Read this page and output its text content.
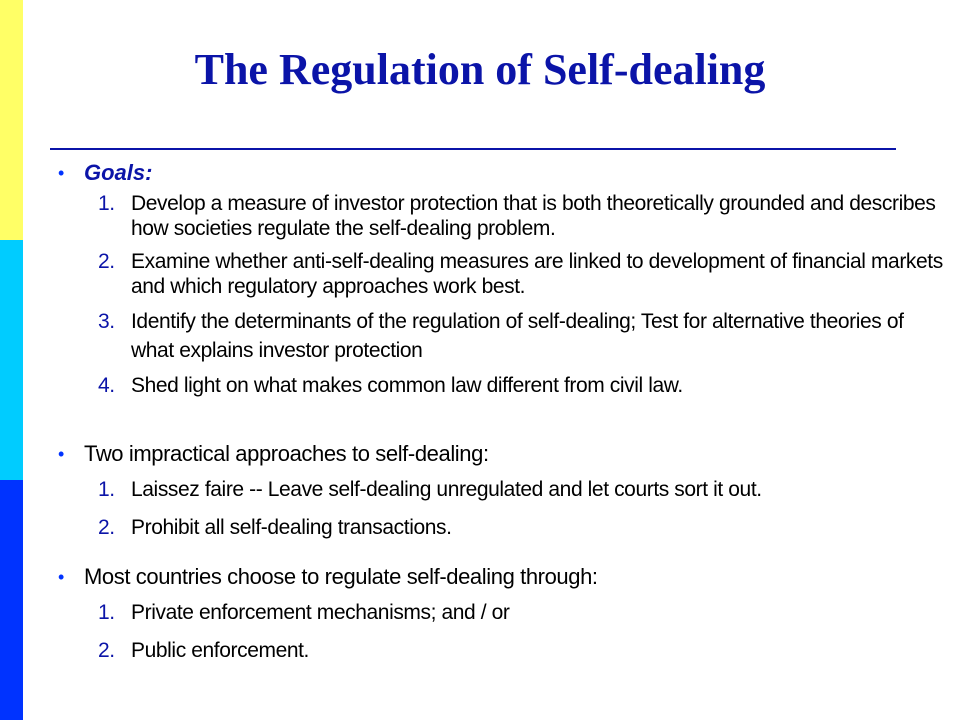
The Regulation of Self-dealing
• Goals:
1. Develop a measure of investor protection that is both theoretically grounded and describes how societies regulate the self-dealing problem.
2. Examine whether anti-self-dealing measures are linked to development of financial markets and which regulatory approaches work best.
3. Identify the determinants of the regulation of self-dealing; Test for alternative theories of what explains investor protection
4. Shed light on what makes common law different from civil law.
• Two impractical approaches to self-dealing:
1. Laissez faire -- Leave self-dealing unregulated and let courts sort it out.
2. Prohibit all self-dealing transactions.
• Most countries choose to regulate self-dealing through:
1. Private enforcement mechanisms; and / or
2. Public enforcement.
